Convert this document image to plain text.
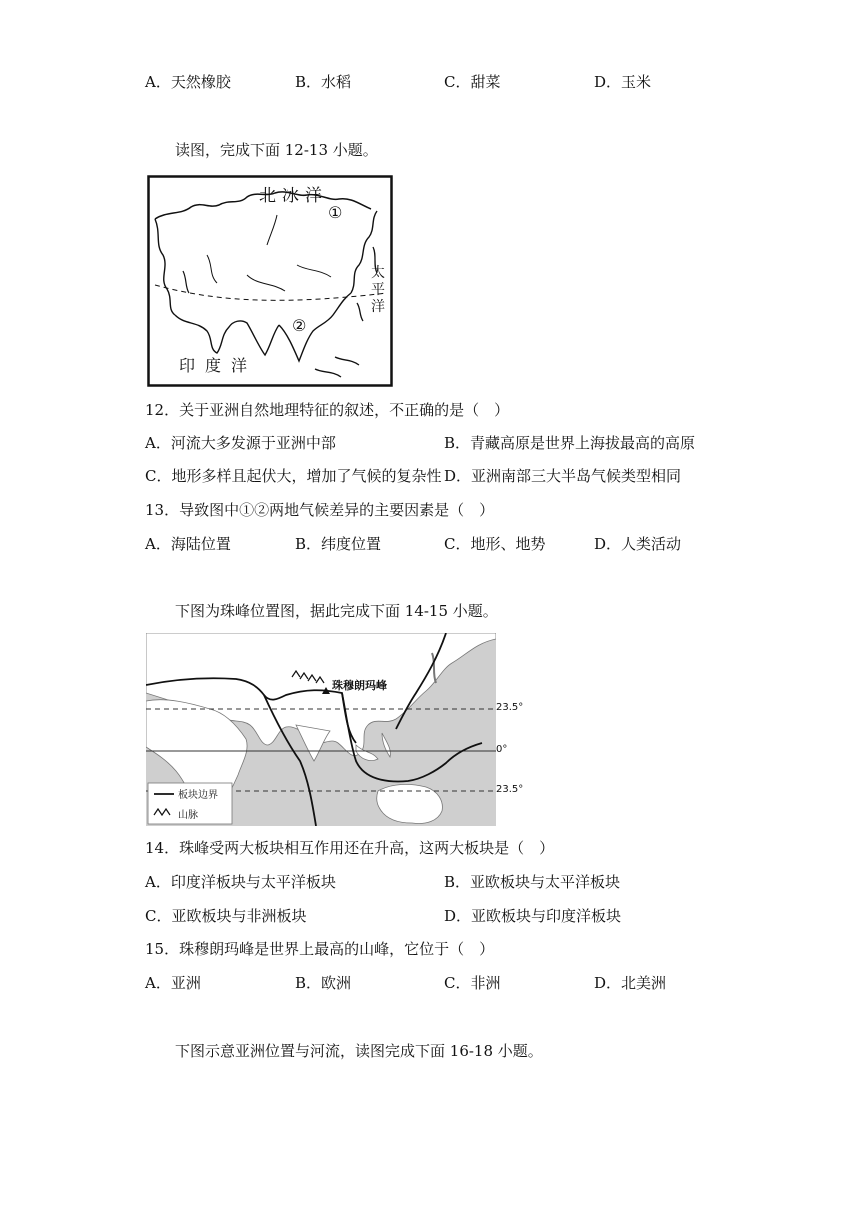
A．天然橡胶	B．水稻	C．甜菜	D．玉米
读图，完成下面 12-13 小题。
北冰洋
太平洋
印度洋
①
②
12．关于亚洲自然地理特征的叙述，不正确的是（　）
A．河流大多发源于亚洲中部	B．青藏高原是世界上海拔最高的高原
C．地形多样且起伏大，增加了气候的复杂性 D．亚洲南部三大半岛气候类型相同
13．导致图中①②两地气候差异的主要因素是（　）
A．海陆位置	B．纬度位置	C．地形、地势	D．人类活动
下图为珠峰位置图，据此完成下面 14-15 小题。
珠穆朗玛峰
板块边界
山脉
23.5°
0°
23.5°
14．珠峰受两大板块相互作用还在升高，这两大板块是（　）
A．印度洋板块与太平洋板块	B．亚欧板块与太平洋板块
C．亚欧板块与非洲板块	D．亚欧板块与印度洋板块
15．珠穆朗玛峰是世界上最高的山峰，它位于（　）
A．亚洲	B．欧洲	C．非洲	D．北美洲
下图示意亚洲位置与河流，读图完成下面 16-18 小题。
